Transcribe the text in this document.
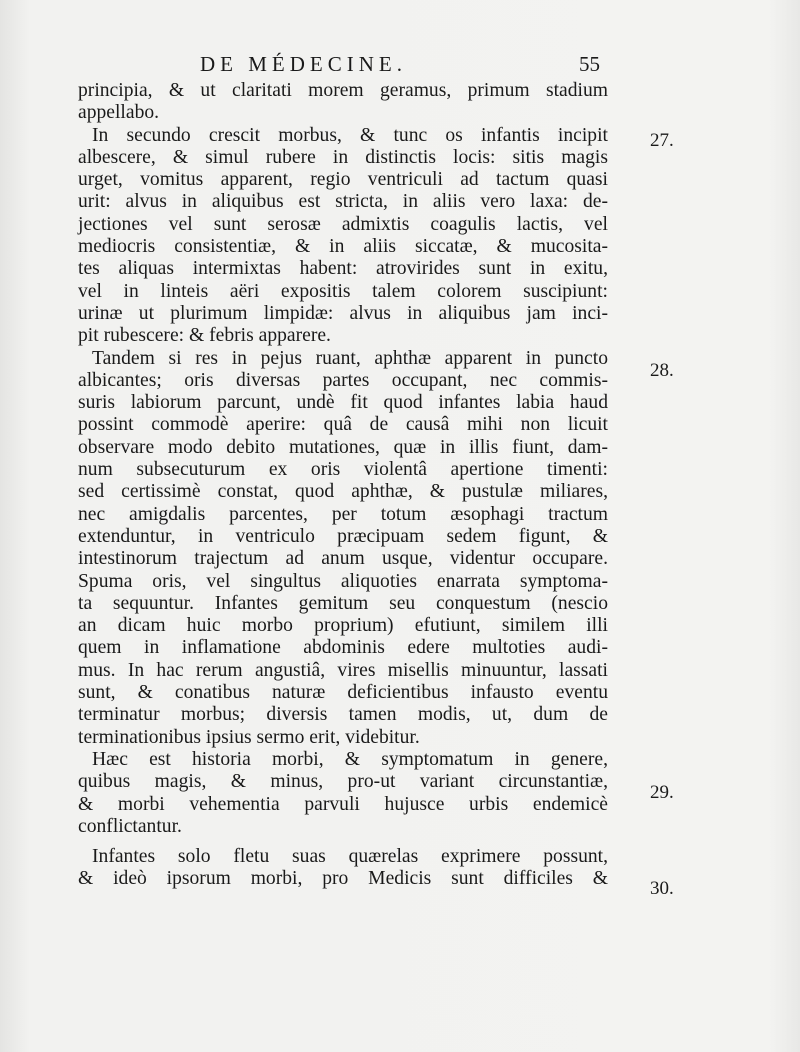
DE MÉDECINE.	55
27.
28.
29.
30.
principia, & ut claritati morem geramus, primum stadium
appellabo.
In secundo crescit morbus, & tunc os infantis incipit
albescere, & simul rubere in distinctis locis: sitis magis
urget, vomitus apparent, regio ventriculi ad tactum quasi
urit: alvus in aliquibus est stricta, in aliis vero laxa: de-
jectiones vel sunt serosæ admixtis coagulis lactis, vel
mediocris consistentiæ, & in aliis siccatæ, & mucosita-
tes aliquas intermixtas habent: atrovirides sunt in exitu,
vel in linteis aëri expositis talem colorem suscipiunt:
urinæ ut plurimum limpidæ: alvus in aliquibus jam inci-
pit rubescere: & febris apparere.
Tandem si res in pejus ruant, aphthæ apparent in puncto
albicantes; oris diversas partes occupant, nec commis-
suris labiorum parcunt, undè fit quod infantes labia haud
possint commodè aperire: quâ de causâ mihi non licuit
observare modo debito mutationes, quæ in illis fiunt, dam-
num subsecuturum ex oris violentâ apertione timenti:
sed certissimè constat, quod aphthæ, & pustulæ miliares,
nec amigdalis parcentes, per totum æsophagi tractum
extenduntur, in ventriculo præcipuam sedem figunt, &
intestinorum trajectum ad anum usque, videntur occupare.
Spuma oris, vel singultus aliquoties enarrata symptoma-
ta sequuntur. Infantes gemitum seu conquestum (nescio
an dicam huic morbo proprium) efutiunt, similem illi
quem in inflamatione abdominis edere multoties audi-
mus. In hac rerum angustiâ, vires misellis minuuntur, lassati
sunt, & conatibus naturæ deficientibus infausto eventu
terminatur morbus; diversis tamen modis, ut, dum de
terminationibus ipsius sermo erit, videbitur.
Hæc est historia morbi, & symptomatum in genere,
quibus magis, & minus, pro-ut variant circunstantiæ,
& morbi vehementia parvuli hujusce urbis endemicè
conflictantur.
Infantes solo fletu suas quærelas exprimere possunt,
& ideò ipsorum morbi, pro Medicis sunt difficiles &
